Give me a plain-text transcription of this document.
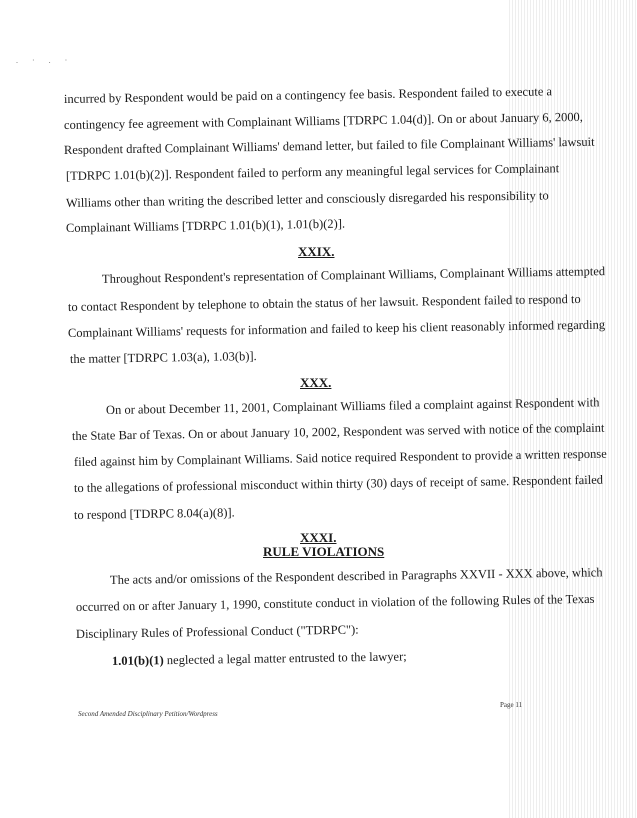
. · . ·
incurred by Respondent would be paid on a contingency fee basis. Respondent failed to execute a
contingency fee agreement with Complainant Williams [TDRPC 1.04(d)]. On or about January 6, 2000,
Respondent drafted Complainant Williams' demand letter, but failed to file Complainant Williams' lawsuit
[TDRPC 1.01(b)(2)]. Respondent failed to perform any meaningful legal services for Complainant
Williams other than writing the described letter and consciously disregarded his responsibility to
Complainant Williams [TDRPC 1.01(b)(1), 1.01(b)(2)].
XXIX.
Throughout Respondent's representation of Complainant Williams, Complainant Williams attempted
to contact Respondent by telephone to obtain the status of her lawsuit. Respondent failed to respond to
Complainant Williams' requests for information and failed to keep his client reasonably informed regarding
the matter [TDRPC 1.03(a), 1.03(b)].
XXX.
On or about December 11, 2001, Complainant Williams filed a complaint against Respondent with
the State Bar of Texas. On or about January 10, 2002, Respondent was served with notice of the complaint
filed against him by Complainant Williams. Said notice required Respondent to provide a written response
to the allegations of professional misconduct within thirty (30) days of receipt of same. Respondent failed
to respond [TDRPC 8.04(a)(8)].
XXXI.
RULE VIOLATIONS
The acts and/or omissions of the Respondent described in Paragraphs XXVII - XXX above, which
occurred on or after January 1, 1990, constitute conduct in violation of the following Rules of the Texas
Disciplinary Rules of Professional Conduct ("TDRPC"):
1.01(b)(1) neglected a legal matter entrusted to the lawyer;
Second Amended Disciplinary Petition/Wordpress
Page 11
